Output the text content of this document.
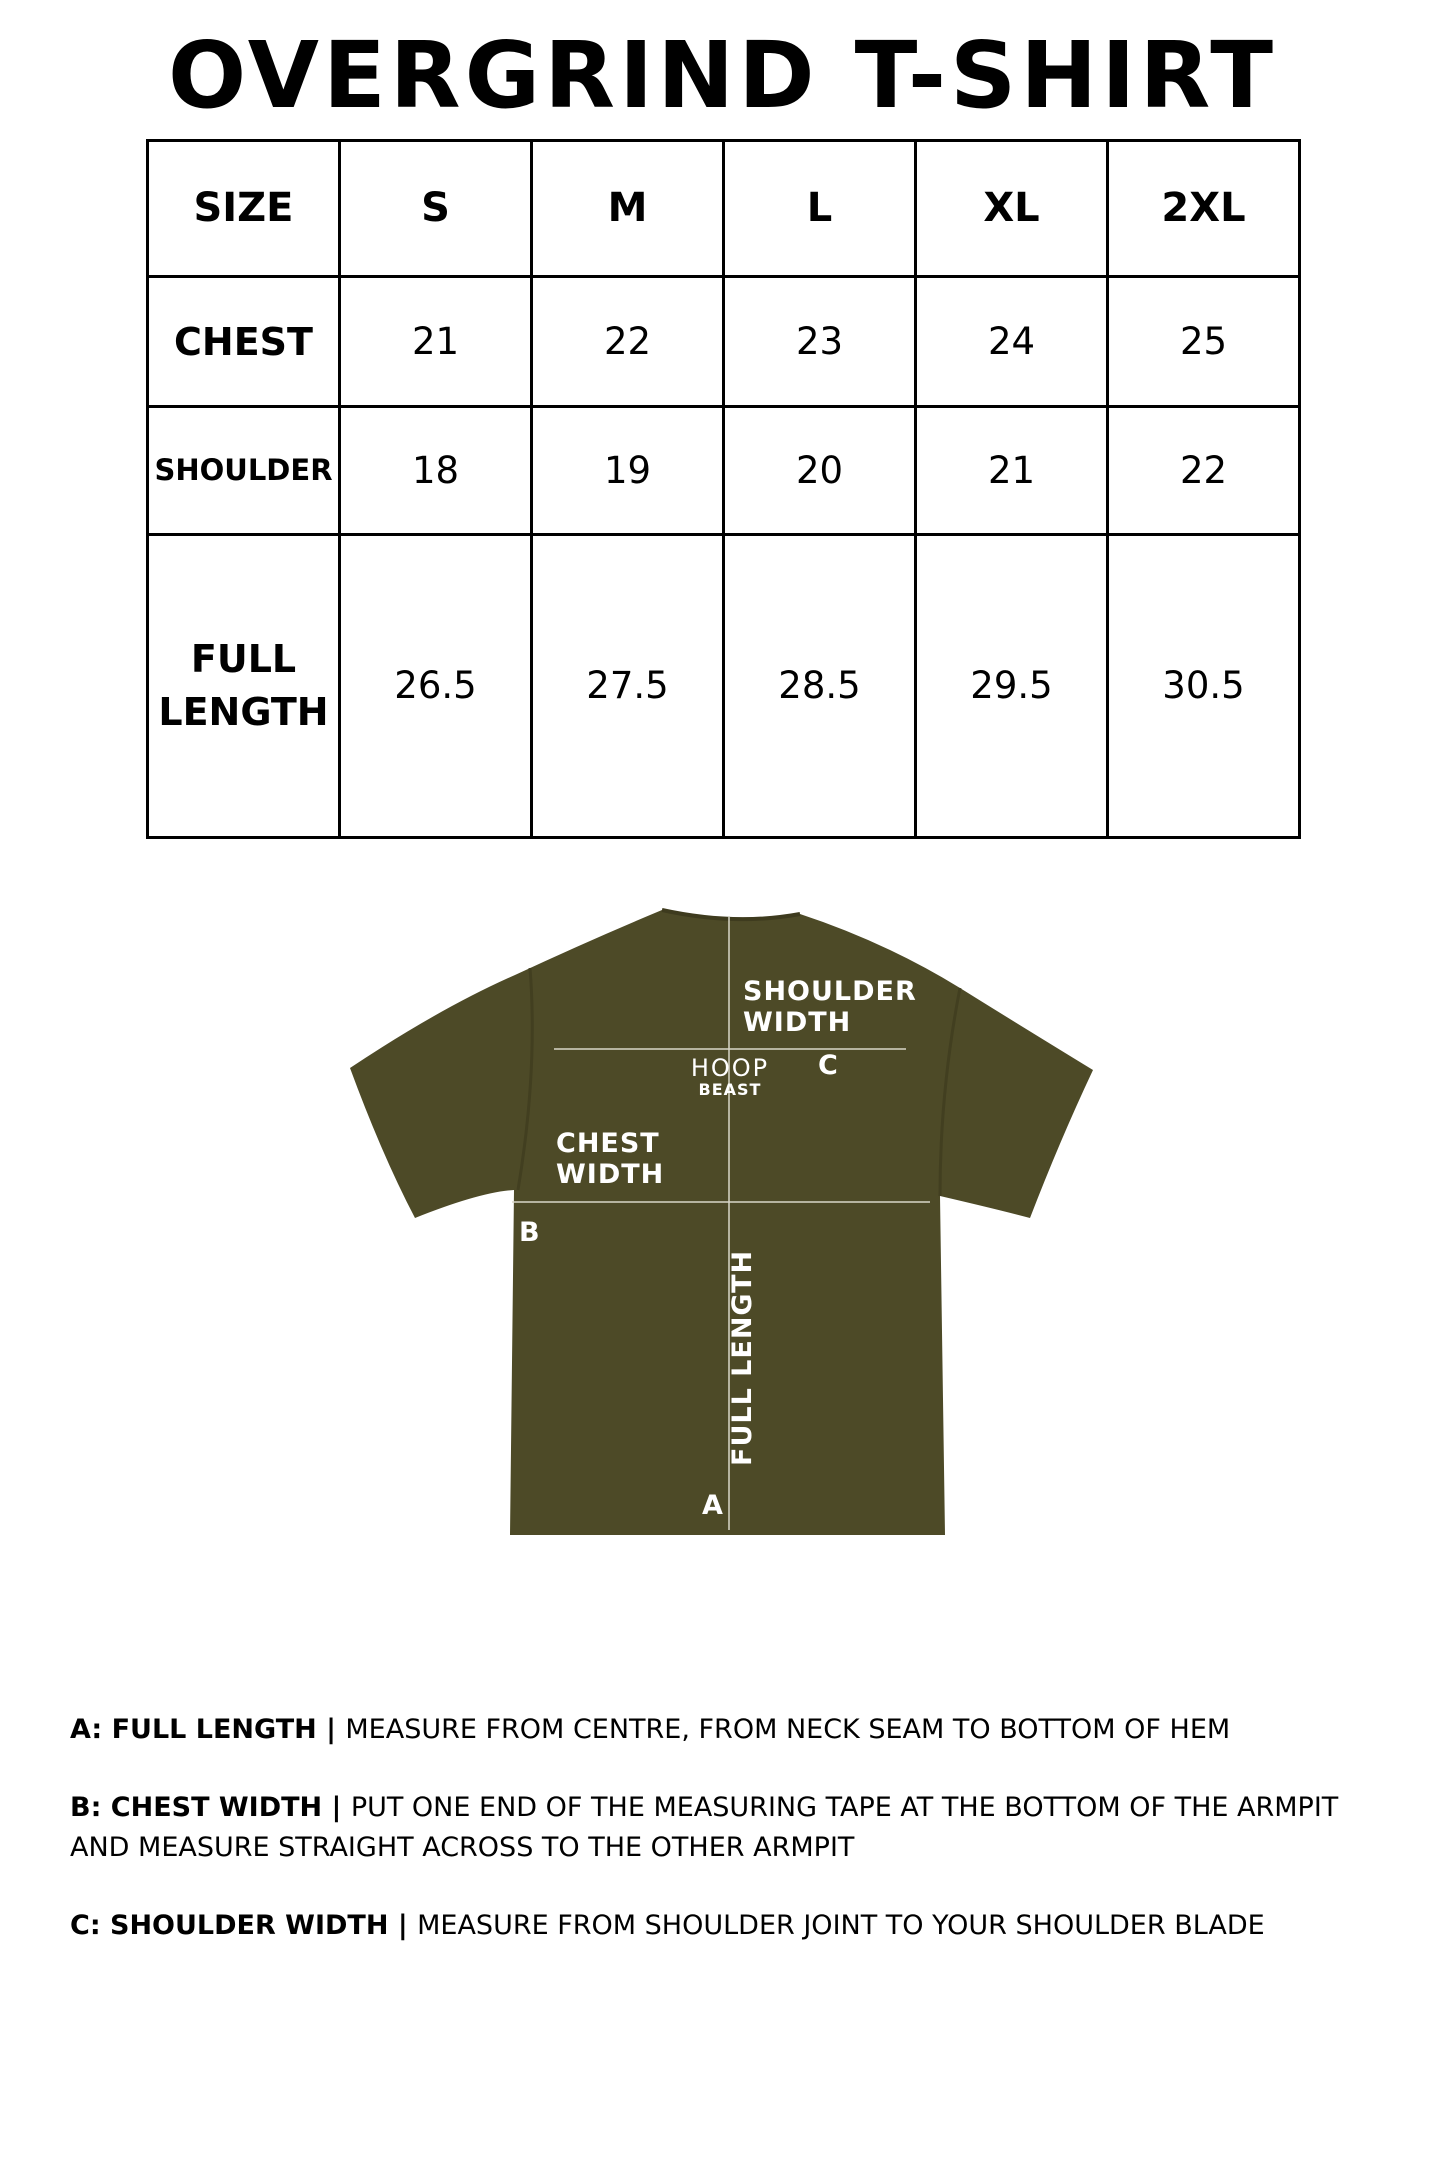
OVERGRIND T-SHIRT
SIZE	S	M	L	XL	2XL
CHEST	21	22	23	24	25
SHOULDER	18	19	20	21	22

FULL
LENGTH	26.5	27.5	28.5	29.5	30.5
FULL LENGTH
SHOULDER
WIDTH
C
HOOP
BEAST
CHEST
WIDTH
B
A
A: FULL LENGTH | MEASURE FROM CENTRE, FROM NECK SEAM TO BOTTOM OF HEM
B: CHEST WIDTH | PUT ONE END OF THE MEASURING TAPE AT THE BOTTOM OF THE ARMPIT AND MEASURE STRAIGHT ACROSS TO THE OTHER ARMPIT
C: SHOULDER WIDTH | MEASURE FROM SHOULDER JOINT TO YOUR SHOULDER BLADE
